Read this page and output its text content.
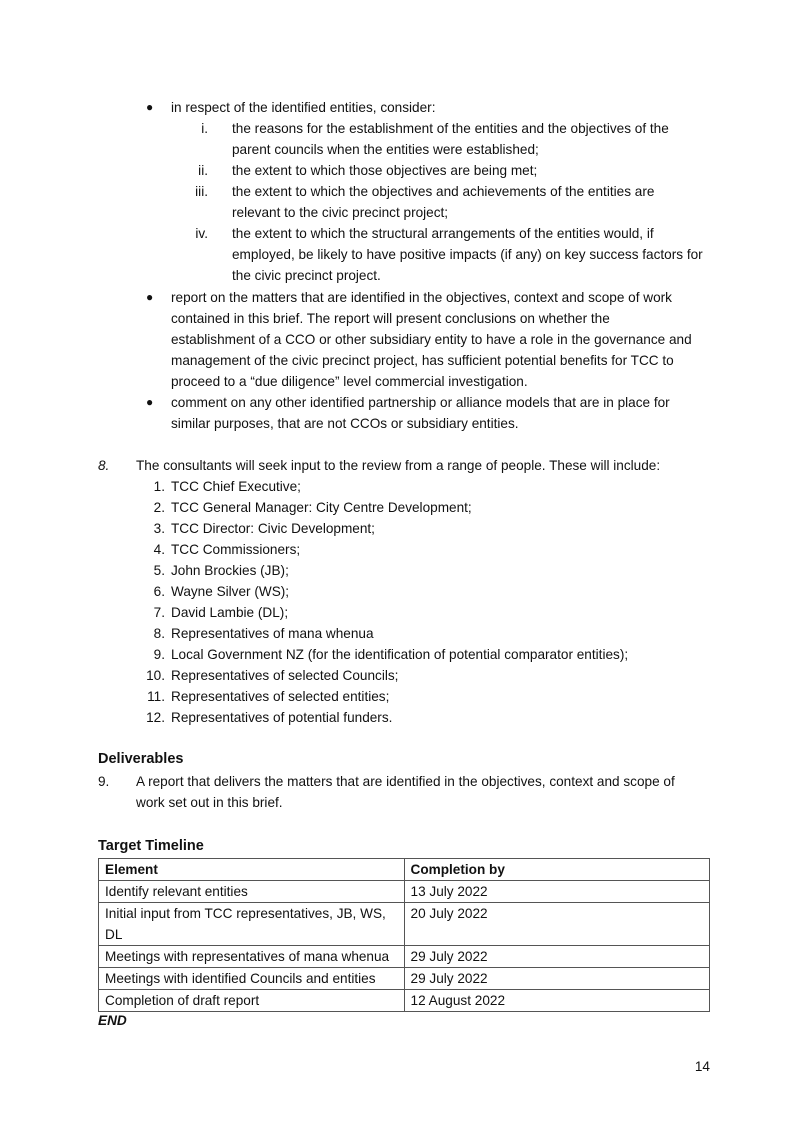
● in respect of the identified entities, consider:
i. the reasons for the establishment of the entities and the objectives of the
parent councils when the entities were established;
ii. the extent to which those objectives are being met;
iii. the extent to which the objectives and achievements of the entities are
relevant to the civic precinct project;
iv. the extent to which the structural arrangements of the entities would, if
employed, be likely to have positive impacts (if any) on key success factors for
the civic precinct project.
● report on the matters that are identified in the objectives, context and scope of work
contained in this brief. The report will present conclusions on whether the
establishment of a CCO or other subsidiary entity to have a role in the governance and
management of the civic precinct project, has sufficient potential benefits for TCC to
proceed to a “due diligence” level commercial investigation.
● comment on any other identified partnership or alliance models that are in place for
similar purposes, that are not CCOs or subsidiary entities.
8. The consultants will seek input to the review from a range of people. These will include:
1. TCC Chief Executive;
2. TCC General Manager: City Centre Development;
3. TCC Director: Civic Development;
4. TCC Commissioners;
5. John Brockies (JB);
6. Wayne Silver (WS);
7. David Lambie (DL);
8. Representatives of mana whenua
9. Local Government NZ (for the identification of potential comparator entities);
10. Representatives of selected Councils;
11. Representatives of selected entities;
12. Representatives of potential funders.
Deliverables
9. A report that delivers the matters that are identified in the objectives, context and scope of
work set out in this brief.
Target Timeline
Element	Completion by
Identify relevant entities	13 July 2022
Initial input from TCC representatives, JB, WS, DL	20 July 2022
Meetings with representatives of mana whenua	29 July 2022
Meetings with identified Councils and entities	29 July 2022
Completion of draft report	12 August 2022
END
14
